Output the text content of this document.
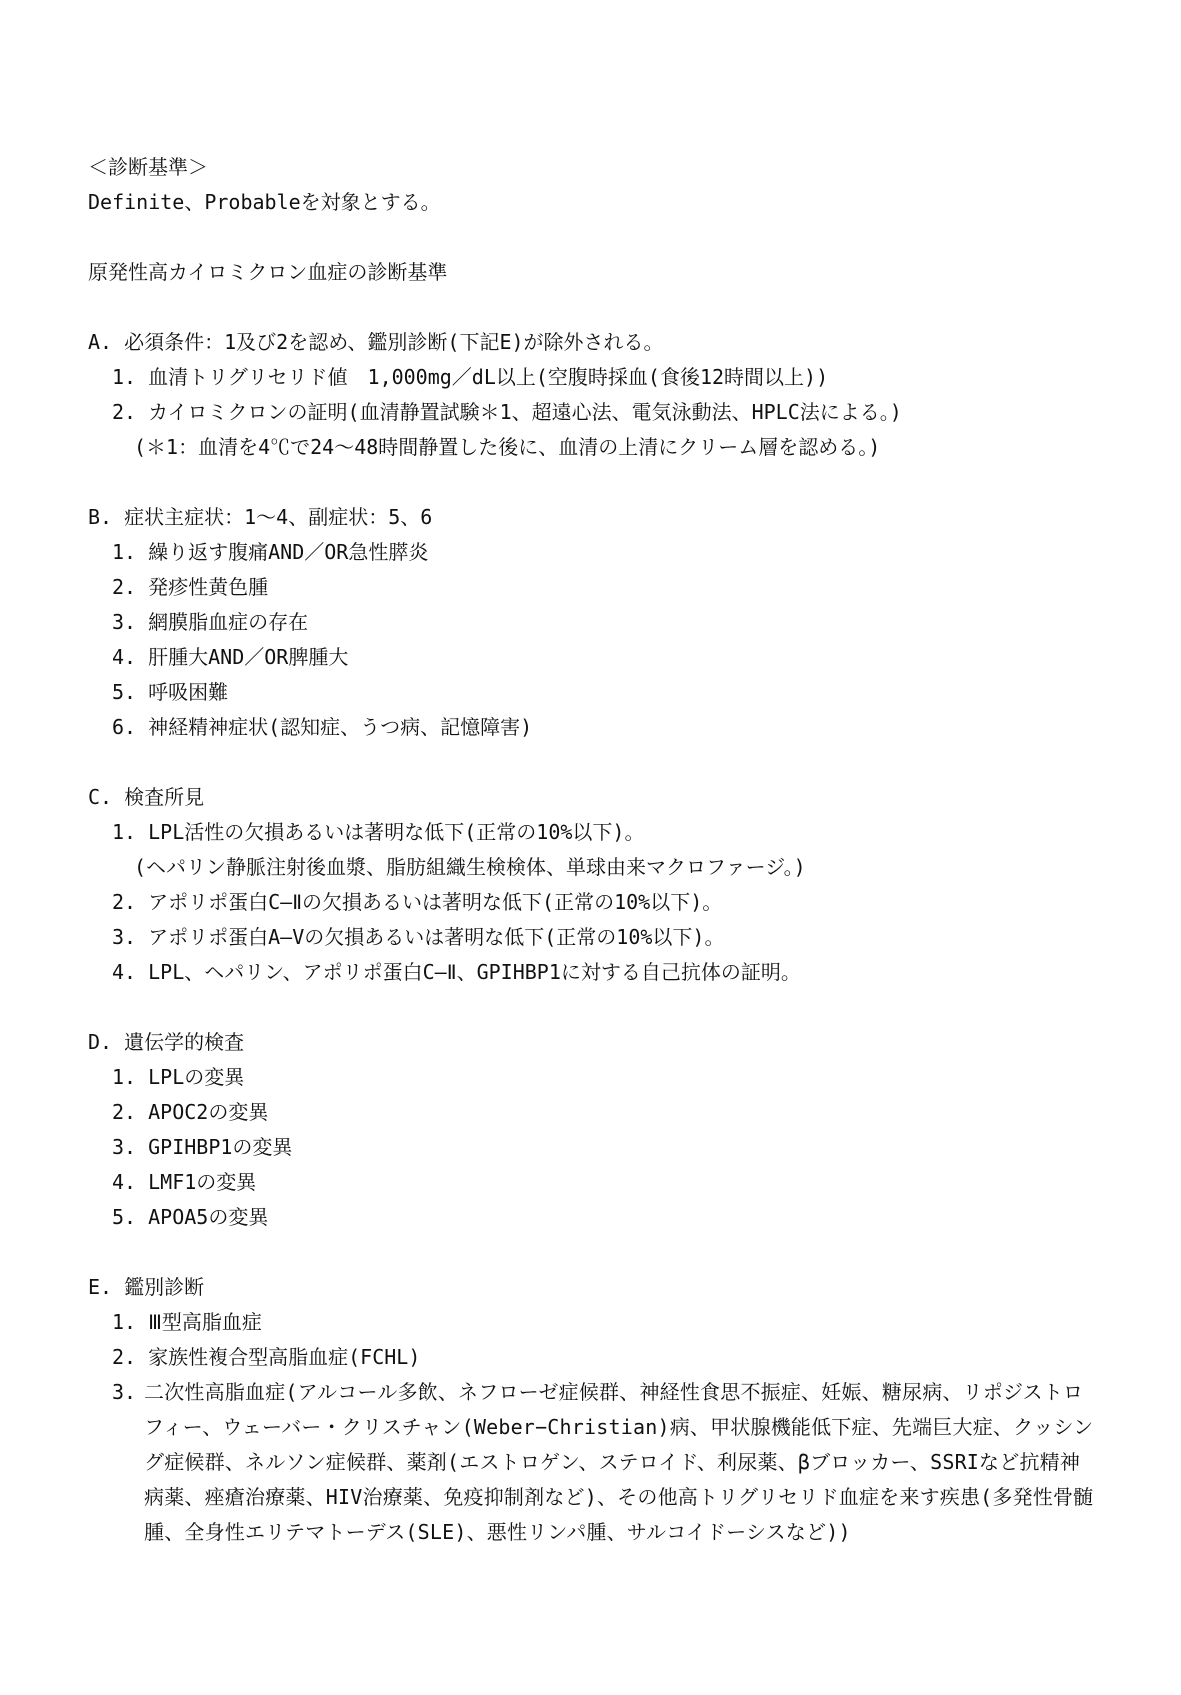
＜診断基準＞
Definite、Probableを対象とする。
原発性高カイロミクロン血症の診断基準
A. 必須条件：1及び2を認め、鑑別診断(下記E)が除外される。
1. 血清トリグリセリド値　1,000mg／dL以上(空腹時採血(食後12時間以上))
2. カイロミクロンの証明(血清静置試験＊1、超遠心法、電気泳動法、HPLC法による。)
(＊1：血清を4℃で24～48時間静置した後に、血清の上清にクリーム層を認める。)
B. 症状主症状：1～4、副症状：5、6
1. 繰り返す腹痛AND／OR急性膵炎
2. 発疹性黄色腫
3. 網膜脂血症の存在
4. 肝腫大AND／OR脾腫大
5. 呼吸困難
6. 神経精神症状(認知症、うつ病、記憶障害)
C. 検査所見
1. LPL活性の欠損あるいは著明な低下(正常の10%以下)。
(ヘパリン静脈注射後血漿、脂肪組織生検検体、単球由来マクロファージ。)
2. アポリポ蛋白C―Ⅱの欠損あるいは著明な低下(正常の10%以下)。
3. アポリポ蛋白A―Vの欠損あるいは著明な低下(正常の10%以下)。
4. LPL、ヘパリン、アポリポ蛋白C―Ⅱ、GPIHBP1に対する自己抗体の証明。
D. 遺伝学的検査
1. LPLの変異
2. APOC2の変異
3. GPIHBP1の変異
4. LMF1の変異
5. APOA5の変異
E. 鑑別診断
1. Ⅲ型高脂血症
2. 家族性複合型高脂血症(FCHL)
3. 二次性高脂血症(アルコール多飲、ネフローゼ症候群、神経性食思不振症、妊娠、糖尿病、リポジストロフィー、ウェーバー・クリスチャン(Weber−Christian)病、甲状腺機能低下症、先端巨大症、クッシング症候群、ネルソン症候群、薬剤(エストロゲン、ステロイド、利尿薬、βブロッカー、SSRIなど抗精神病薬、痤瘡治療薬、HIV治療薬、免疫抑制剤など)、その他高トリグリセリド血症を来す疾患(多発性骨髄腫、全身性エリテマトーデス(SLE)、悪性リンパ腫、サルコイドーシスなど))
